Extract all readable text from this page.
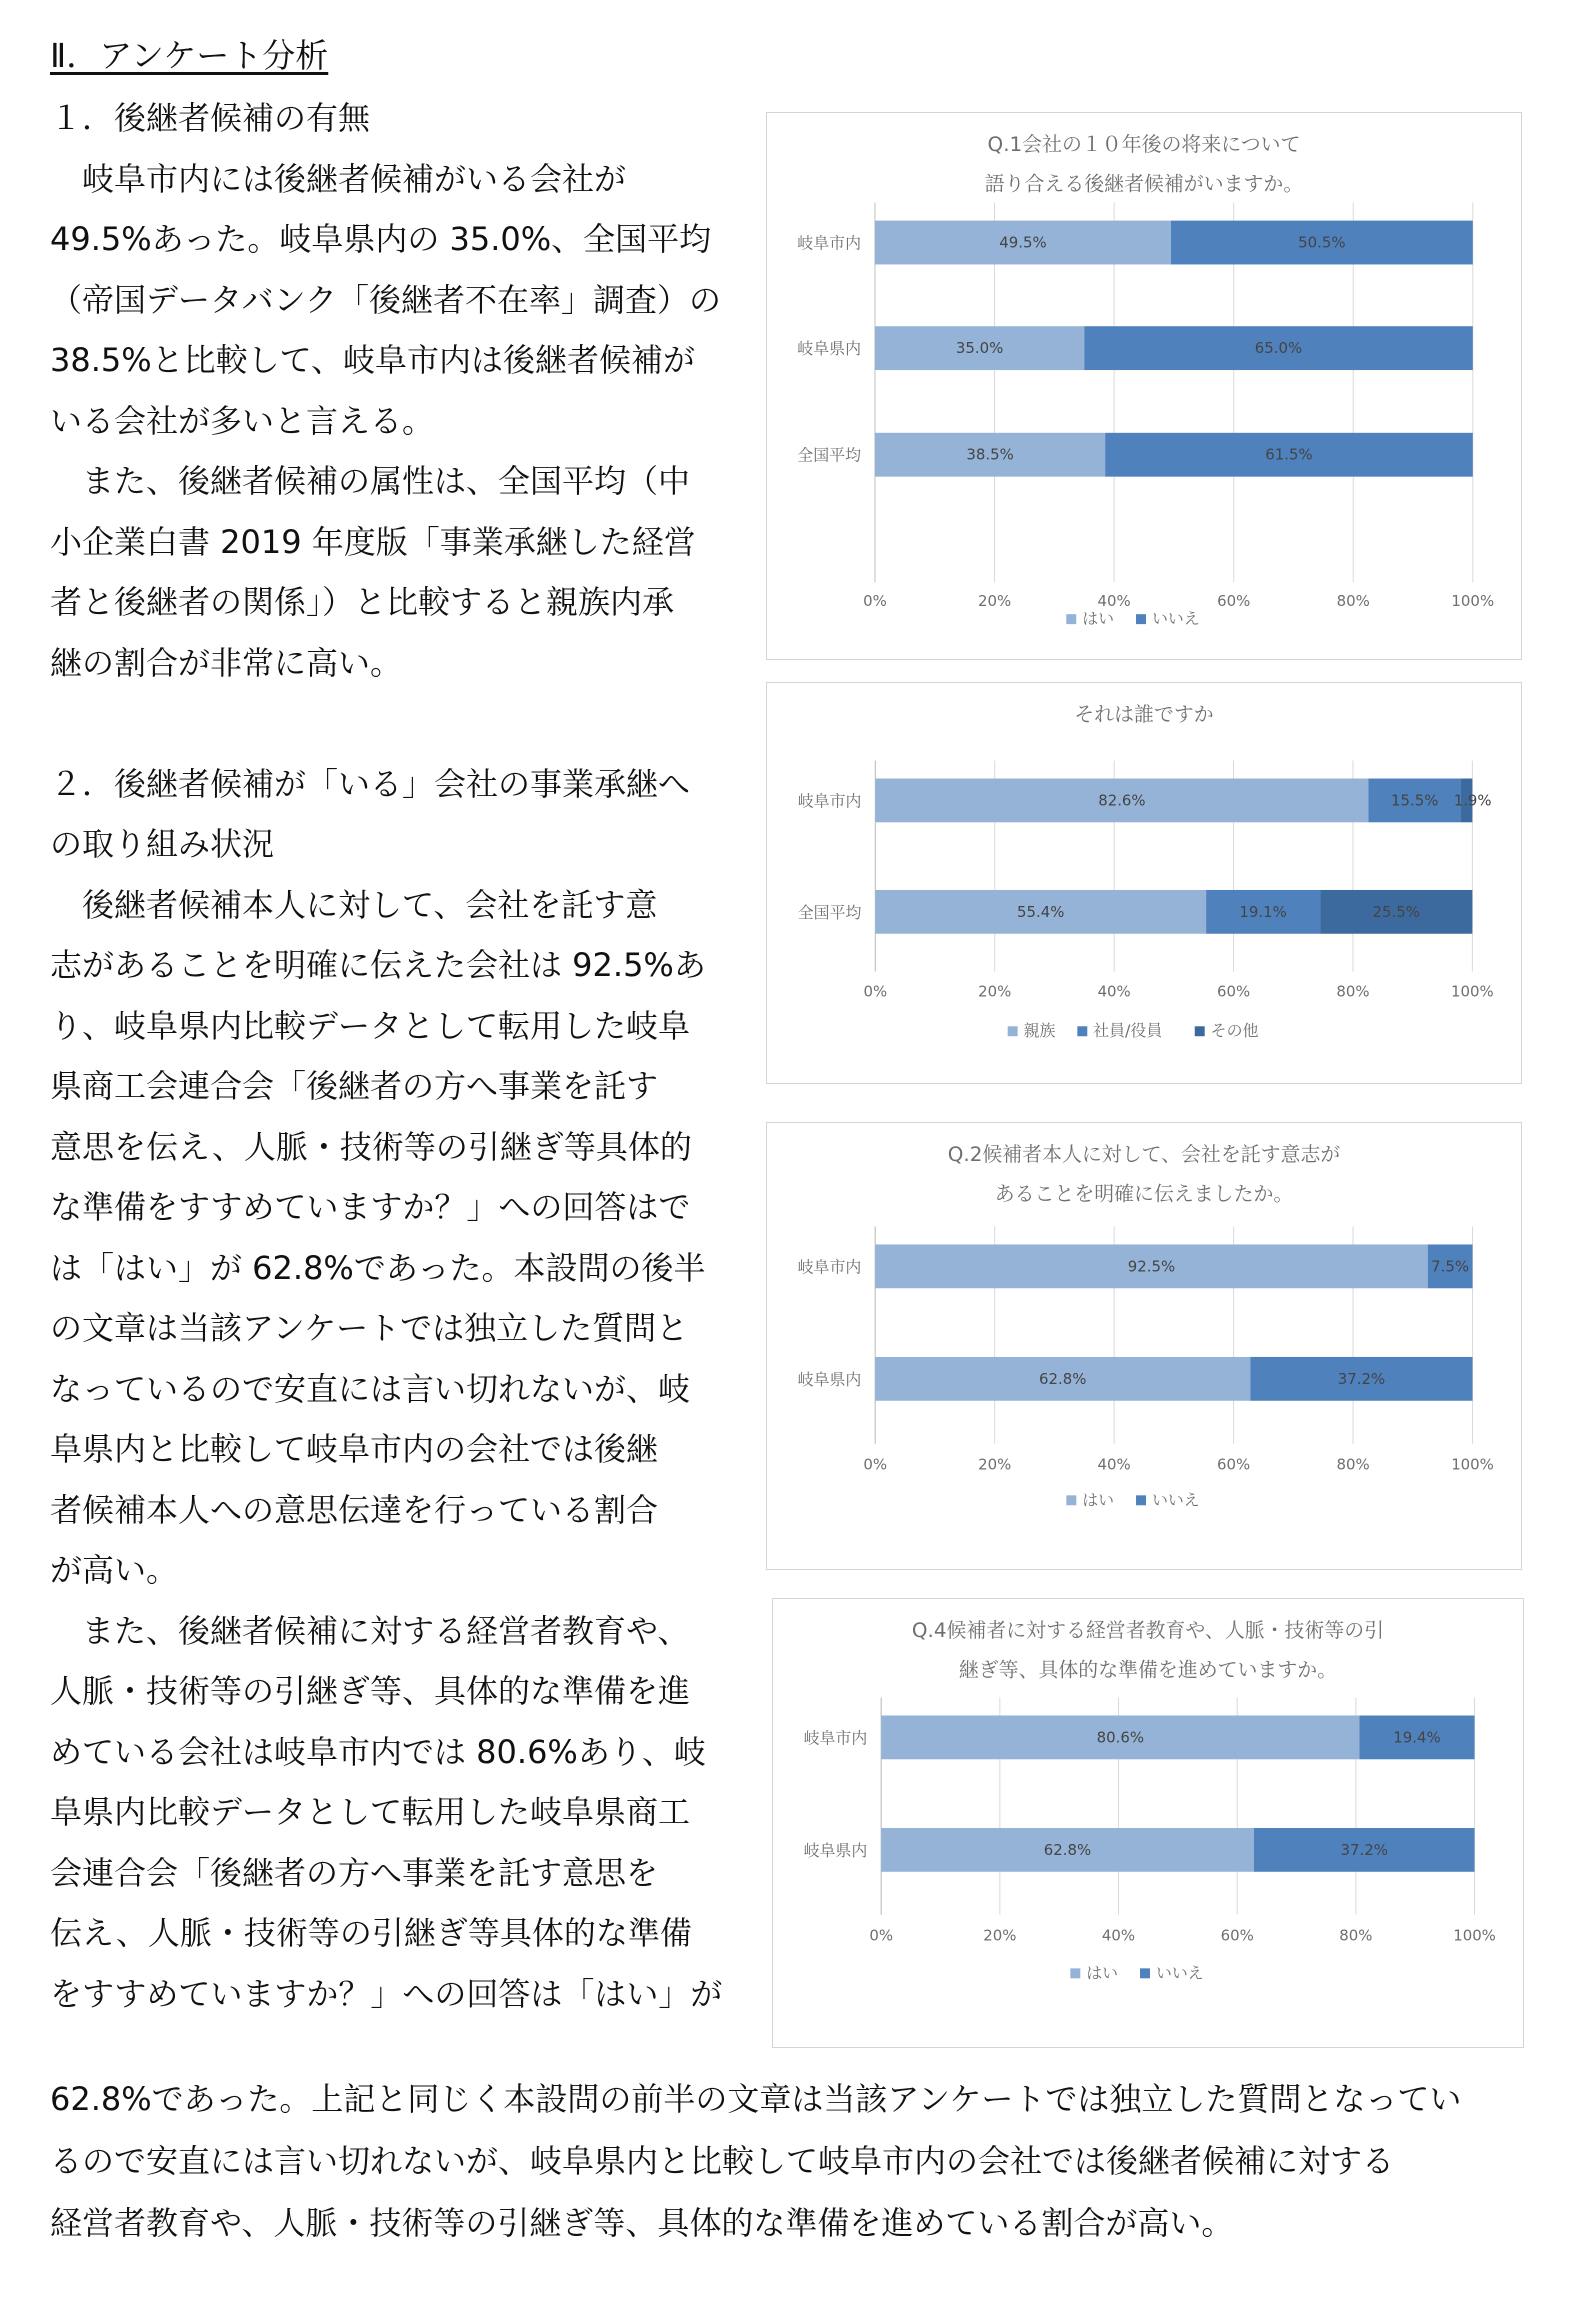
Ⅱ．アンケート分析
１．後継者候補の有無
　岐阜市内には後継者候補がいる会社が
49.5%あった。岐阜県内の 35.0%、全国平均
（帝国データバンク「後継者不在率」調査）の
38.5%と比較して、岐阜市内は後継者候補が
いる会社が多いと言える。
　また、後継者候補の属性は、全国平均（中
小企業白書 2019 年度版「事業承継した経営
者と後継者の関係」）と比較すると親族内承
継の割合が非常に高い。
２．後継者候補が「いる」会社の事業承継へ
の取り組み状況
　後継者候補本人に対して、会社を託す意
志があることを明確に伝えた会社は 92.5%あ
り、岐阜県内比較データとして転用した岐阜
県商工会連合会「後継者の方へ事業を託す
意思を伝え、人脈・技術等の引継ぎ等具体的
な準備をすすめていますか？」への回答はで
は「はい」が 62.8%であった。本設問の後半
の文章は当該アンケートでは独立した質問と
なっているので安直には言い切れないが、岐
阜県内と比較して岐阜市内の会社では後継
者候補本人への意思伝達を行っている割合
が高い。
　また、後継者候補に対する経営者教育や、
人脈・技術等の引継ぎ等、具体的な準備を進
めている会社は岐阜市内では 80.6%あり、岐
阜県内比較データとして転用した岐阜県商工
会連合会「後継者の方へ事業を託す意思を
伝え、人脈・技術等の引継ぎ等具体的な準備
をすすめていますか？」への回答は「はい」が
62.8%であった。上記と同じく本設問の前半の文章は当該アンケートでは独立した質問となってい
るので安直には言い切れないが、岐阜県内と比較して岐阜市内の会社では後継者候補に対する
経営者教育や、人脈・技術等の引継ぎ等、具体的な準備を進めている割合が高い。
Q.1会社の１０年後の将来について
語り合える後継者候補がいますか。
0%	20%	40%	60%	80%	100%
岐阜市内	49.5%	50.5%
岐阜県内	35.0%	65.0%
全国平均	38.5%	61.5%
はい いいえ
それは誰ですか
0%	20%	40%	60%	80%	100%
岐阜市内	82.6%	15.5% 1.9%
全国平均	55.4%	19.1%	25.5%
親族 社員/役員	その他
Q.2候補者本人に対して、会社を託す意志が
あることを明確に伝えましたか。
0%	20%	40%	60%	80%	100%
岐阜市内	92.5%	7.5%
岐阜県内	62.8%	37.2%
はい いいえ
Q.4候補者に対する経営者教育や、人脈・技術等の引
継ぎ等、具体的な準備を進めていますか。
0%	20%	40%	60%	80%	100%
岐阜市内	80.6%	19.4%
岐阜県内	62.8%	37.2%
はい いいえ
